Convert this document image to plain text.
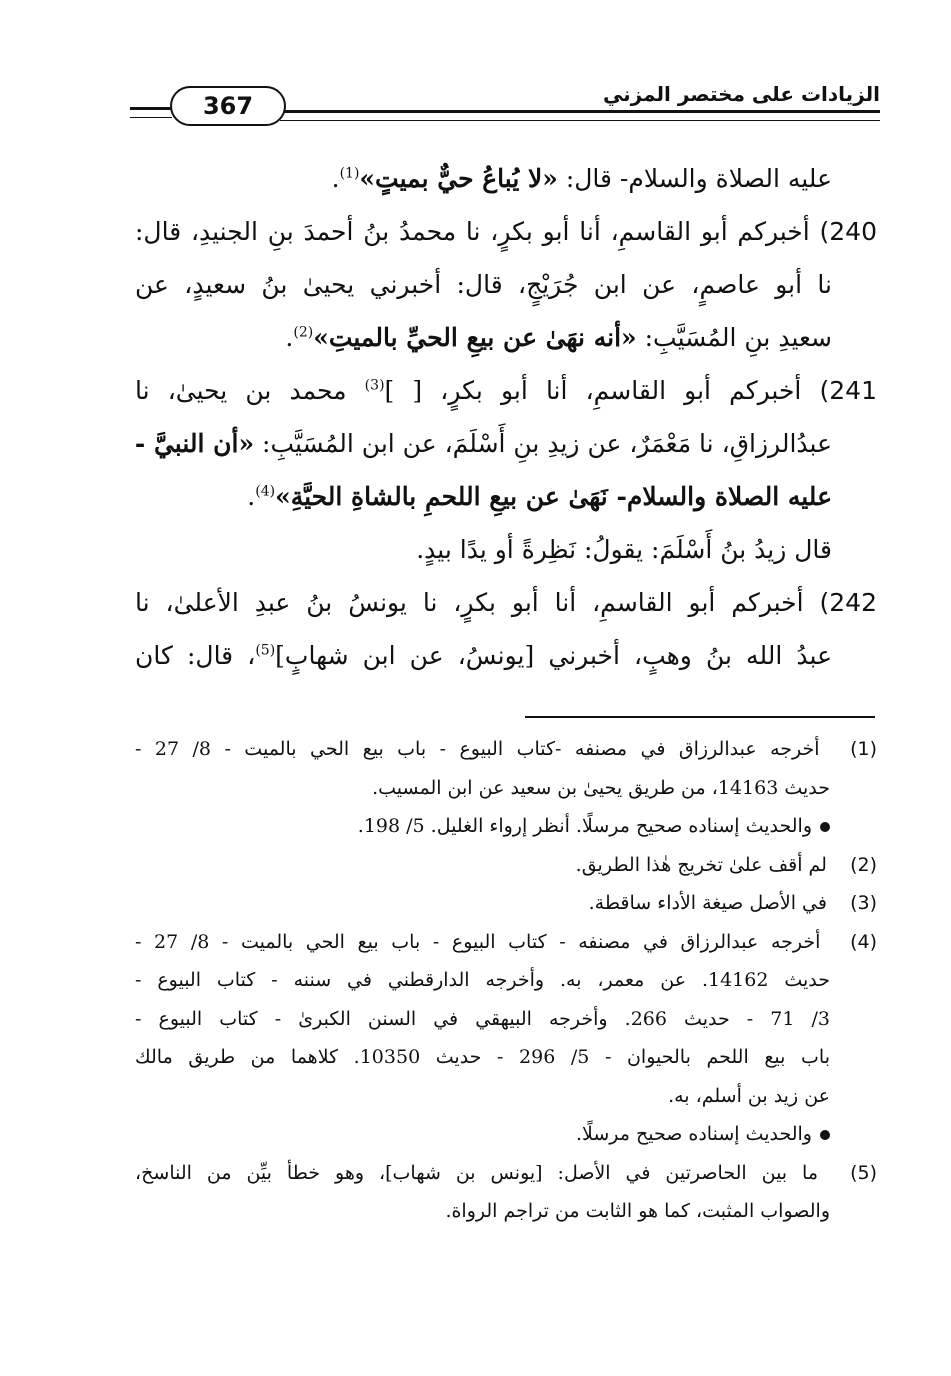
367	الزيادات على مختصر المزني
عليه الصلاة والسلام- قال: «لا يُباعُ حيٌّ بميتٍ»$^{(1)}$.
240) أخبركم أبو القاسمِ، أنا أبو بكرٍ، نا محمدُ بنُ أحمدَ بنِ الجنيدِ، قال:
نا أبو عاصمٍ، عن ابن جُرَيْجٍ، قال: أخبرني يحيىٰ بنُ سعيدٍ، عن
سعيدِ بنِ المُسَيَّبِ: «أنه نهَىٰ عن بيعِ الحيِّ بالميتِ»$^{(2)}$.
241) أخبركم أبو القاسمِ، أنا أبو بكرٍ، [ ]$^{(3)}$ محمد بن يحيىٰ، نا
عبدُالرزاقِ، نا مَعْمَرٌ، عن زيدِ بنِ أَسْلَمَ، عن ابن المُسَيَّبِ: «أن النبيَّ -
عليه الصلاة والسلام- نَهَىٰ عن بيعِ اللحمِ بالشاةِ الحيَّةِ»$^{(4)}$.
قال زيدُ بنُ أَسْلَمَ: يقولُ: نَظِرةً أو يدًا بيدٍ.
242) أخبركم أبو القاسمِ، أنا أبو بكرٍ، نا يونسُ بنُ عبدِ الأعلىٰ، نا
عبدُ الله بنُ وهبٍ، أخبرني [يونسُ، عن ابن شهابٍ]$^{(5)}$، قال: كان
(1) أخرجه عبدالرزاق في مصنفه -كتاب البيوع - باب بيع الحي بالميت - 8/ 27 -
حديث 14163، من طريق يحيىٰ بن سعيد عن ابن المسيب.
والحديث إسناده صحيح مرسلًا. أنظر إرواء الغليل. 5/ 198.
(2) لم أقف علىٰ تخريج هٰذا الطريق.
(3) في الأصل صيغة الأداء ساقطة.
(4) أخرجه عبدالرزاق في مصنفه - كتاب البيوع - باب بيع الحي بالميت - 8/ 27 -
حديث 14162. عن معمر، به. وأخرجه الدارقطني في سننه - كتاب البيوع -
3/ 71 - حديث 266. وأخرجه البيهقي في السنن الكبرىٰ - كتاب البيوع -
باب بيع اللحم بالحيوان - 5/ 296 - حديث 10350. كلاهما من طريق مالك
عن زيد بن أسلم، به.
والحديث إسناده صحيح مرسلًا.
(5) ما بين الحاصرتين في الأصل: [يونس بن شهاب]، وهو خطأ بيِّن من الناسخ،
والصواب المثبت، كما هو الثابت من تراجم الرواة.
